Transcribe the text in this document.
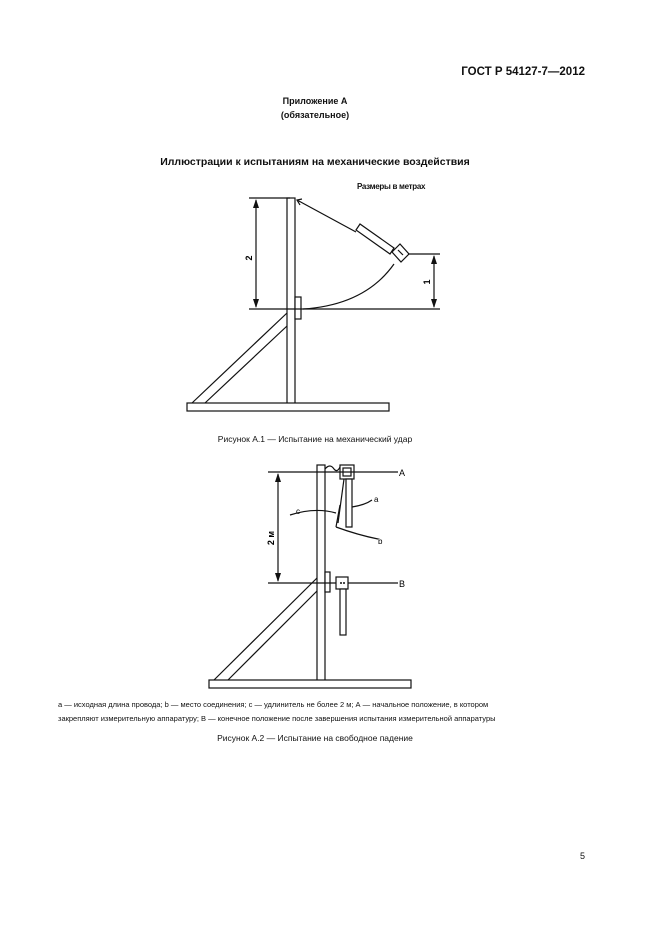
ГОСТ Р 54127-7—2012
Приложение А
(обязательное)
Иллюстрации к испытаниям на механические воздействия
Размеры в метрах
2
1
Рисунок А.1 — Испытание на механический удар
2 м
A
B
c
a
b
a — исходная длина провода; b — место соединения; c — удлинитель не более 2 м; А — начальное положение, в котором
закрепляют измерительную аппаратуру; В — конечное положение после завершения испытания измерительной аппаратуры
Рисунок А.2 — Испытание на свободное падение
5
